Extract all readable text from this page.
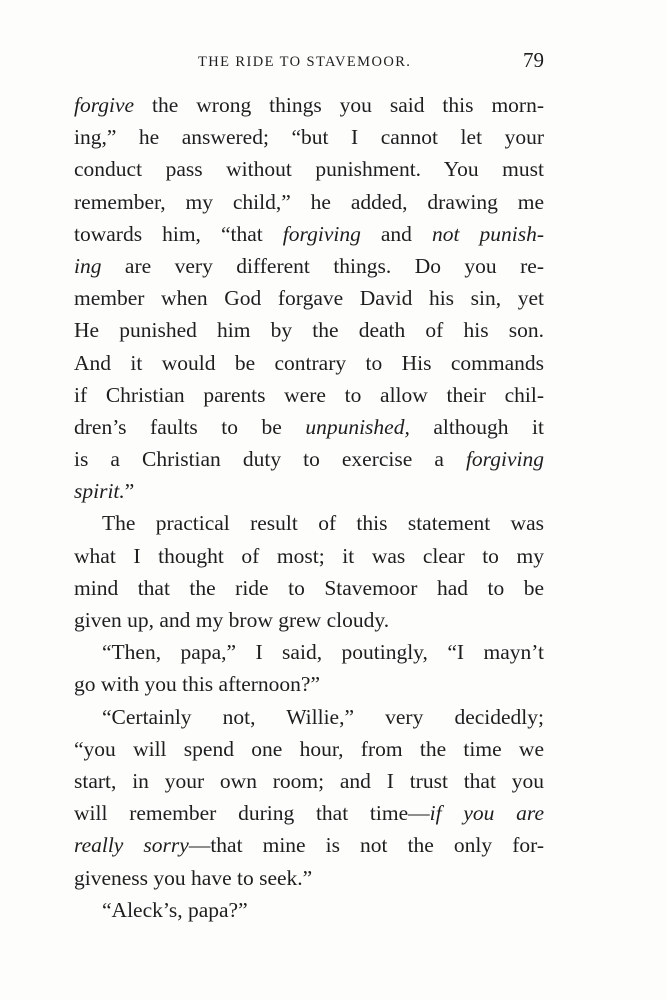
THE RIDE TO STAVEMOOR.	79
forgive the wrong things you said this morn-
ing,” he answered; “but I cannot let your
conduct pass without punishment. You must
remember, my child,” he added, drawing me
towards him, “that forgiving and not punish-
ing are very different things. Do you re-
member when God forgave David his sin, yet
He punished him by the death of his son.
And it would be contrary to His commands
if Christian parents were to allow their chil-
dren’s faults to be unpunished, although it
is a Christian duty to exercise a forgiving
spirit.”
The practical result of this statement was
what I thought of most; it was clear to my
mind that the ride to Stavemoor had to be
given up, and my brow grew cloudy.
“Then, papa,” I said, poutingly, “I mayn’t
go with you this afternoon?”
“Certainly not, Willie,” very decidedly;
“you will spend one hour, from the time we
start, in your own room; and I trust that you
will remember during that time—if you are
really sorry—that mine is not the only for-
giveness you have to seek.”
“Aleck’s, papa?”
